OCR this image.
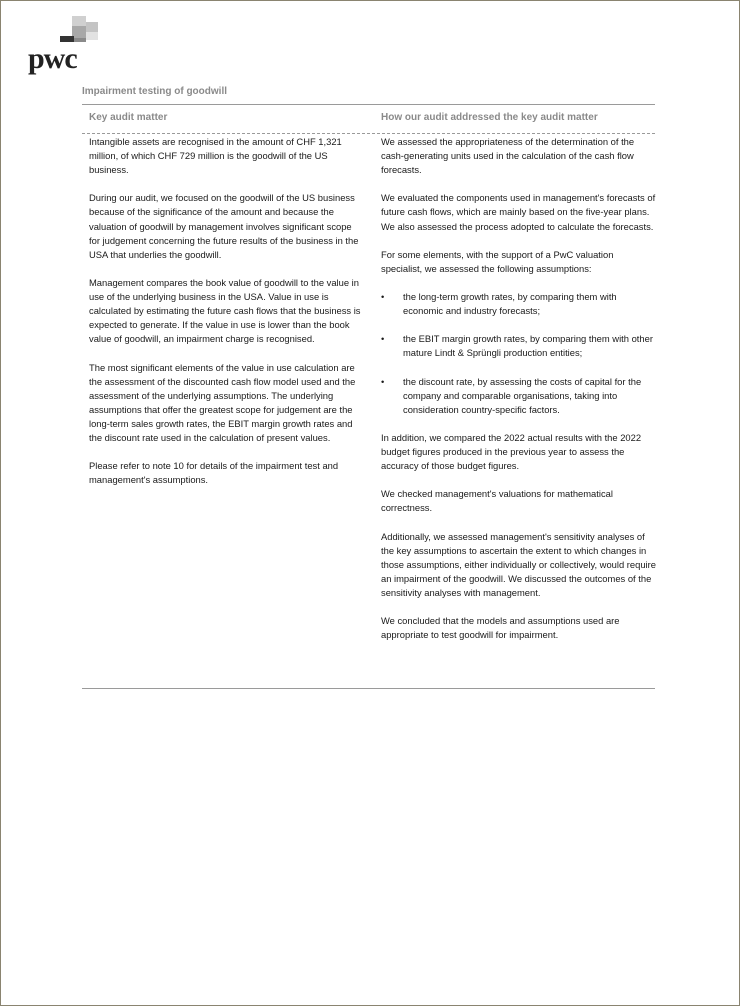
pwc
Impairment testing of goodwill
Key audit matter	How our audit addressed the key audit matter

Intangible assets are recognised in the amount of CHF 1,321 million, of which CHF 729 million is the goodwill of the US business.

During our audit, we focused on the goodwill of the US business because of the significance of the amount and because the valuation of goodwill by management involves significant scope for judgement concerning the future results of the business in the USA that underlies the goodwill.

Management compares the book value of goodwill to the value in use of the underlying business in the USA. Value in use is calculated by estimating the future cash flows that the business is expected to generate. If the value in use is lower than the book value of goodwill, an impairment charge is recognised.

The most significant elements of the value in use calculation are the assessment of the discounted cash flow model used and the assessment of the underlying assumptions. The underlying assumptions that offer the greatest scope for judgement are the long-term sales growth rates, the EBIT margin growth rates and the discount rate used in the calculation of present values.

Please refer to note 10 for details of the impairment test and management's assumptions.

We assessed the appropriateness of the determination of the cash-generating units used in the calculation of the cash flow forecasts.

We evaluated the components used in management's forecasts of future cash flows, which are mainly based on the five-year plans. We also assessed the process adopted to calculate the forecasts.

For some elements, with the support of a PwC valuation specialist, we assessed the following assumptions:

• the long-term growth rates, by comparing them with economic and industry forecasts;
• the EBIT margin growth rates, by comparing them with other mature Lindt & Sprüngli production entities;
• the discount rate, by assessing the costs of capital for the company and comparable organisations, taking into consideration country-specific factors.

In addition, we compared the 2022 actual results with the 2022 budget figures produced in the previous year to assess the accuracy of those budget figures.

We checked management's valuations for mathematical correctness.

Additionally, we assessed management's sensitivity analyses of the key assumptions to ascertain the extent to which changes in those assumptions, either individually or collectively, would require an impairment of the goodwill. We discussed the outcomes of the sensitivity analyses with management.

We concluded that the models and assumptions used are appropriate to test goodwill for impairment.
